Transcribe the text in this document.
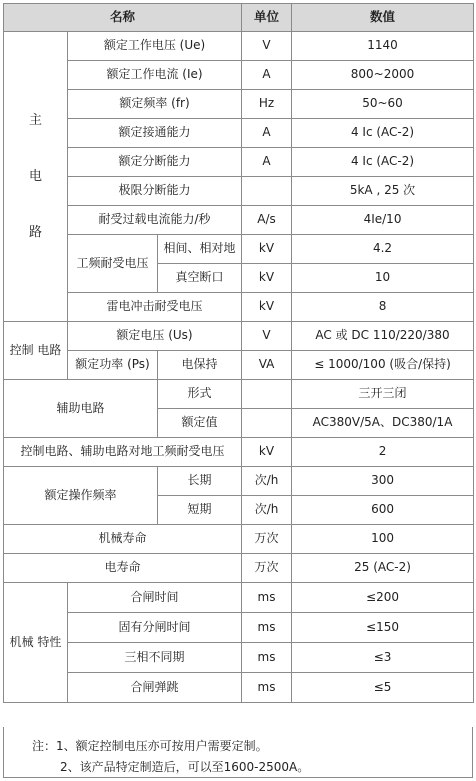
名称			单位	数值

主
电
路	额定工作电压 (Ue)		V	1140
	额定工作电流 (Ie)		A	800~2000
	额定频率 (fr)		Hz	50~60
	额定接通能力		A	4 Ic (AC-2)
	额定分断能力		A	4 Ic (AC-2)
	极限分断能力			5kA , 25 次
	耐受过载电流能力/秒		A/s	4Ie/10
	工频耐受电压	相间、相对地	kV	4.2
		真空断口	kV	10
	雷电冲击耐受电压		kV	8
控制 电路	额定电压 (Us)		V	AC 或 DC 110/220/380
	额定功率 (Ps)	电保持	VA	≤ 1000/100 (吸合/保持)
辅助电路		形式		三开三闭
		额定值		AC380V/5A、DC380/1A
控制电路、辅助电路对地工频耐受电压			kV	2
额定操作频率		长期	次/h	300
		短期	次/h	600
机械寿命			万次	100
电寿命			万次	25 (AC-2)
机械 特性	合闸时间		ms	≤200
	固有分闸时间		ms	≤150
	三相不同期		ms	≤3
	合闸弹跳		ms	≤5

注：1、额定控制电压亦可按用户需要定制。

2、该产品特定制造后，可以至1600-2500A。
